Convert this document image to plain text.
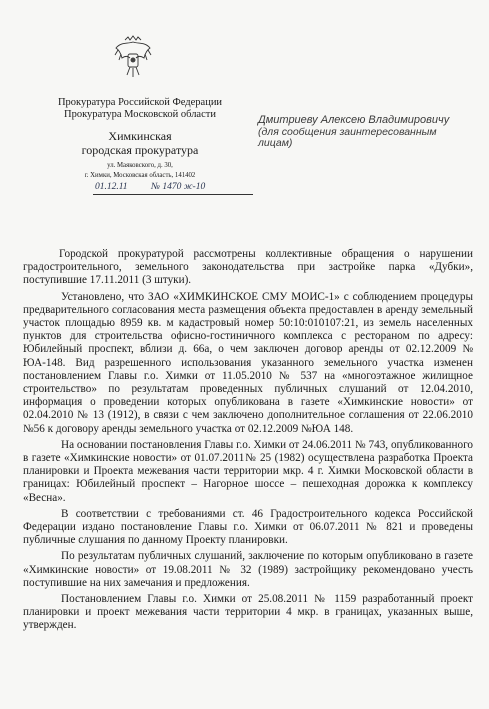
Прокуратура Российской Федерации
Прокуратура Московской области
Химкинская
городская прокуратура
ул. Маяковского, д. 30,
г. Химки, Московская область, 141402
01.12.11 № 1470 ж-10
Дмитриеву Алексею Владимировичу
(для сообщения заинтересованным
лицам)

Городской прокуратурой рассмотрены коллективные обращения о нарушении градостроительного, земельного законодательства при застройке парка «Дубки», поступившие 17.11.2011 (3 штуки).

Установлено, что ЗАО «ХИМКИНСКОЕ СМУ МОИС-1» с соблюдением процедуры предварительного согласования места размещения объекта предоставлен в аренду земельный участок площадью 8959 кв. м кадастровый номер 50:10:010107:21, из земель населенных пунктов для строительства офисно-гостиничного комплекса с рестораном по адресу: Юбилейный проспект, вблизи д. 66а, о чем заключен договор аренды от 02.12.2009 № ЮА-148. Вид разрешенного использования указанного земельного участка изменен постановлением Главы г.о. Химки от 11.05.2010 № 537 на «многоэтажное жилищное строительство» по результатам проведенных публичных слушаний от 12.04.2010, информация о проведении которых опубликована в газете «Химкинские новости» от 02.04.2010 № 13 (1912), в связи с чем заключено дополнительное соглашения от 22.06.2010 №56 к договору аренды земельного участка от 02.12.2009 №ЮА 148.

На основании постановления Главы г.о. Химки от 24.06.2011 № 743, опубликованного в газете «Химкинские новости» от 01.07.2011№ 25 (1982) осуществлена разработка Проекта планировки и Проекта межевания части территории мкр. 4 г. Химки Московской области в границах: Юбилейный проспект – Нагорное шоссе – пешеходная дорожка к комплексу «Весна».

В соответствии с требованиями ст. 46 Градостроительного кодекса Российской Федерации издано постановление Главы г.о. Химки от 06.07.2011 № 821 и проведены публичные слушания по данному Проекту планировки.

По результатам публичных слушаний, заключение по которым опубликовано в газете «Химкинские новости» от 19.08.2011 № 32 (1989) застройщику рекомендовано учесть поступившие на них замечания и предложения.

Постановлением Главы г.о. Химки от 25.08.2011 № 1159 разработанный проект планировки и проект межевания части территории 4 мкр. в границах, указанных выше, утвержден.
